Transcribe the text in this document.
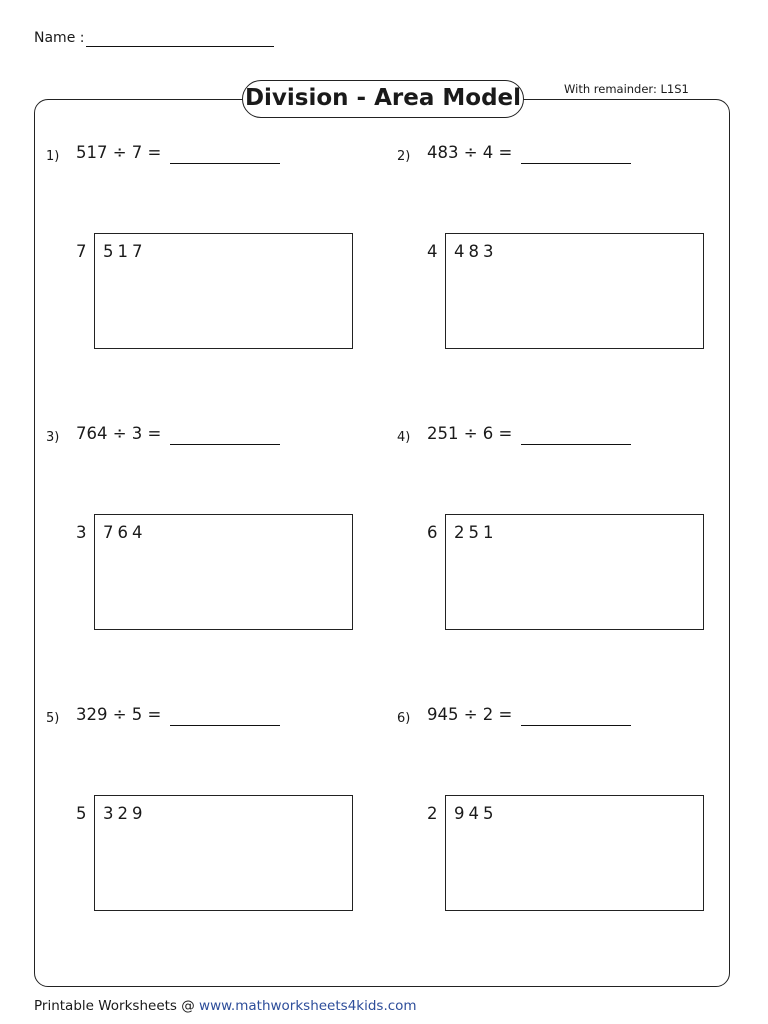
Name :
Division - Area Model	With remainder: L1S1
1) 517 ÷ 7 =
7 517
2) 483 ÷ 4 =
4 483
3) 764 ÷ 3 =
3 764
4) 251 ÷ 6 =
6 251
5) 329 ÷ 5 =
5 329
6) 945 ÷ 2 =
2 945
Printable Worksheets @ www.mathworksheets4kids.com
